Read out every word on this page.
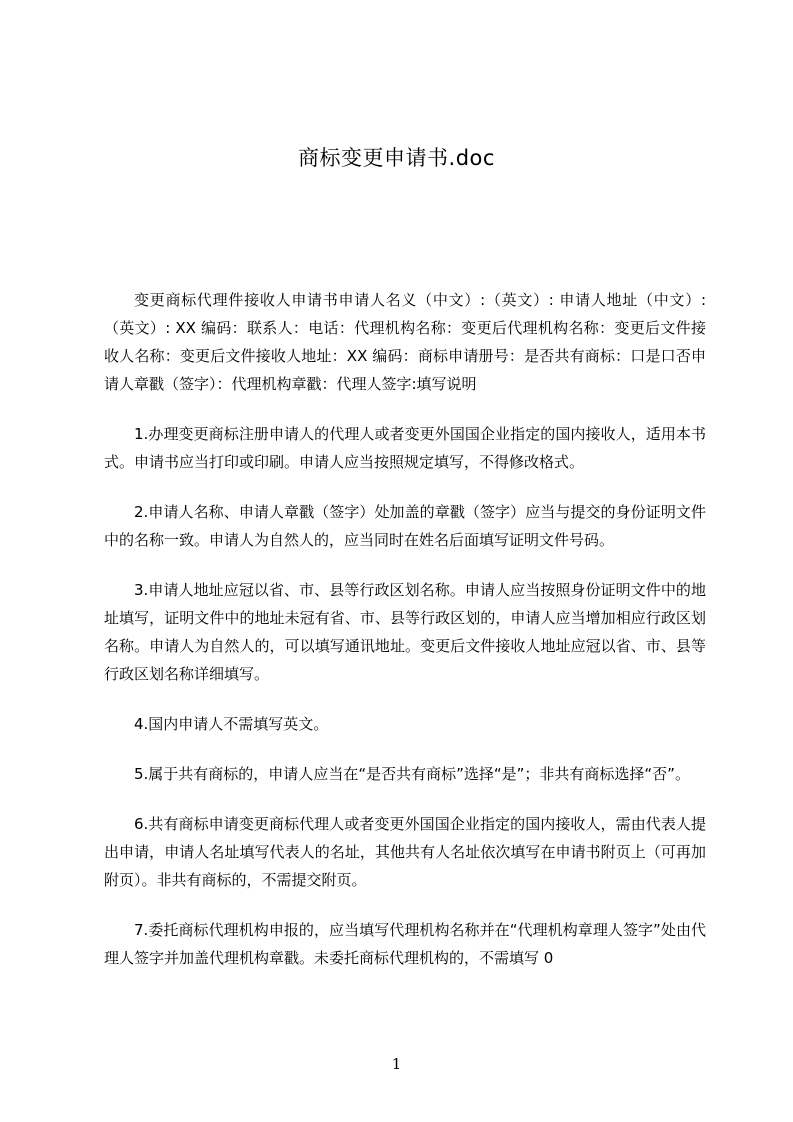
商标变更申请书.doc

变更商标代理件接收人申请书申请人名义（中文）:（英文）: 申请人地址（中文）:（英文）: XX 编码：联系人：电话：代理机构名称：变更后代理机构名称：变更后文件接收人名称：变更后文件接收人地址：XX 编码：商标申请册号：是否共有商标：口是口否申请人章戳（签字）：代理机构章戳：代理人签字:填写说明

1.办理变更商标注册申请人的代理人或者变更外国国企业指定的国内接收人，适用本书式。申请书应当打印或印刷。申请人应当按照规定填写，不得修改格式。

2.申请人名称、申请人章戳（签字）处加盖的章戳（签字）应当与提交的身份证明文件中的名称一致。申请人为自然人的，应当同时在姓名后面填写证明文件号码。

3.申请人地址应冠以省、市、县等行政区划名称。申请人应当按照身份证明文件中的地址填写，证明文件中的地址未冠有省、市、县等行政区划的，申请人应当增加相应行政区划名称。申请人为自然人的，可以填写通讯地址。变更后文件接收人地址应冠以省、市、县等行政区划名称详细填写。

4.国内申请人不需填写英文。

5.属于共有商标的，申请人应当在“是否共有商标”选择“是”；非共有商标选择“否”。

6.共有商标申请变更商标代理人或者变更外国国企业指定的国内接收人，需由代表人提出申请，申请人名址填写代表人的名址，其他共有人名址依次填写在申请书附页上（可再加附页）。非共有商标的，不需提交附页。

7.委托商标代理机构申报的，应当填写代理机构名称并在“代理机构章理人签字”处由代理人签字并加盖代理机构章戳。未委托商标代理机构的，不需填写 0

1
